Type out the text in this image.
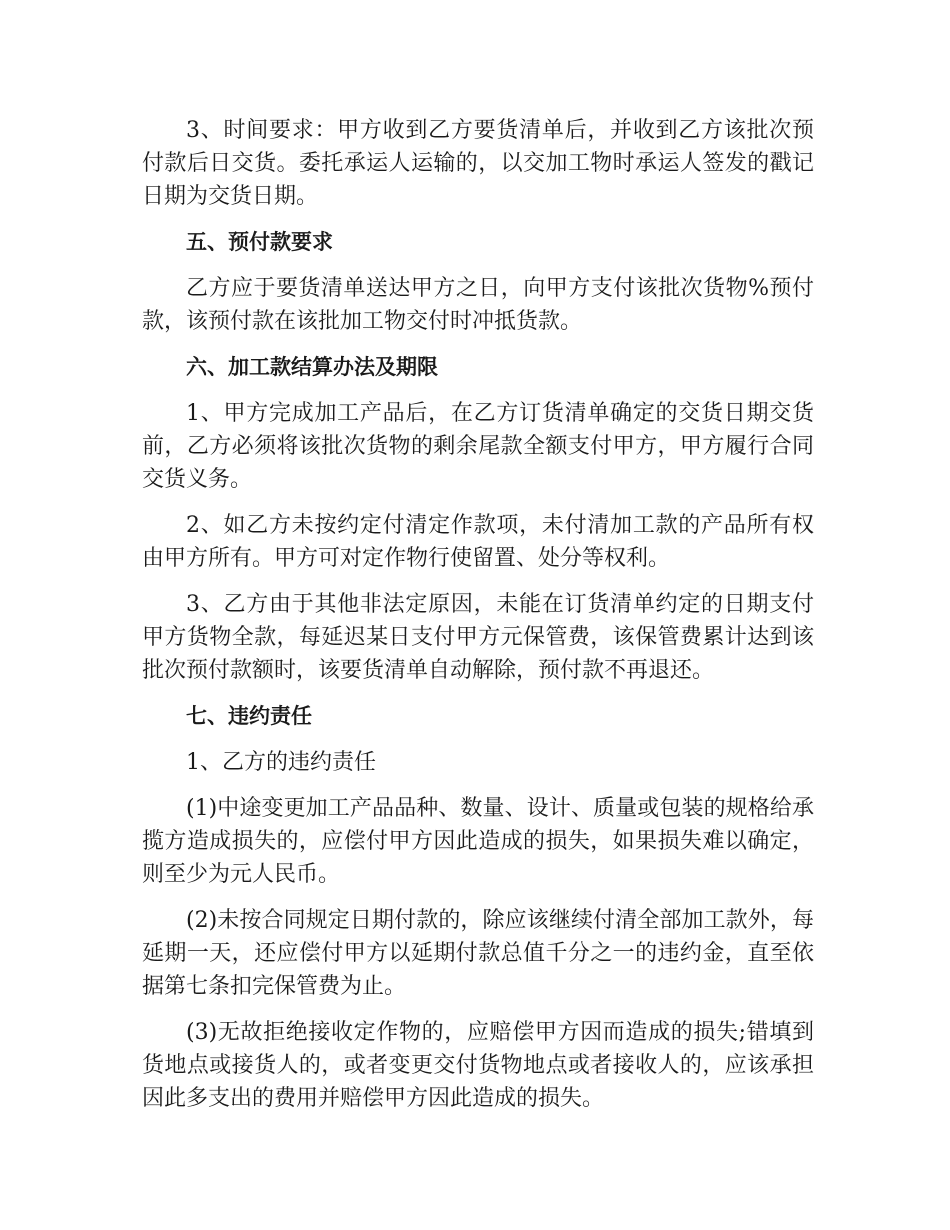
3、时间要求：甲方收到乙方要货清单后，并收到乙方该批次预付款后日交货。委托承运人运输的，以交加工物时承运人签发的戳记日期为交货日期。

五、预付款要求

乙方应于要货清单送达甲方之日，向甲方支付该批次货物%预付款，该预付款在该批加工物交付时冲抵货款。

六、加工款结算办法及期限

1、甲方完成加工产品后，在乙方订货清单确定的交货日期交货前，乙方必须将该批次货物的剩余尾款全额支付甲方，甲方履行合同交货义务。

2、如乙方未按约定付清定作款项，未付清加工款的产品所有权由甲方所有。甲方可对定作物行使留置、处分等权利。

3、乙方由于其他非法定原因，未能在订货清单约定的日期支付甲方货物全款，每延迟某日支付甲方元保管费，该保管费累计达到该批次预付款额时，该要货清单自动解除，预付款不再退还。

七、违约责任

1、乙方的违约责任

(1)中途变更加工产品品种、数量、设计、质量或包装的规格给承揽方造成损失的，应偿付甲方因此造成的损失，如果损失难以确定，则至少为元人民币。

(2)未按合同规定日期付款的，除应该继续付清全部加工款外，每延期一天，还应偿付甲方以延期付款总值千分之一的违约金，直至依据第七条扣完保管费为止。

(3)无故拒绝接收定作物的，应赔偿甲方因而造成的损失;错填到货地点或接货人的，或者变更交付货物地点或者接收人的，应该承担因此多支出的费用并赔偿甲方因此造成的损失。
